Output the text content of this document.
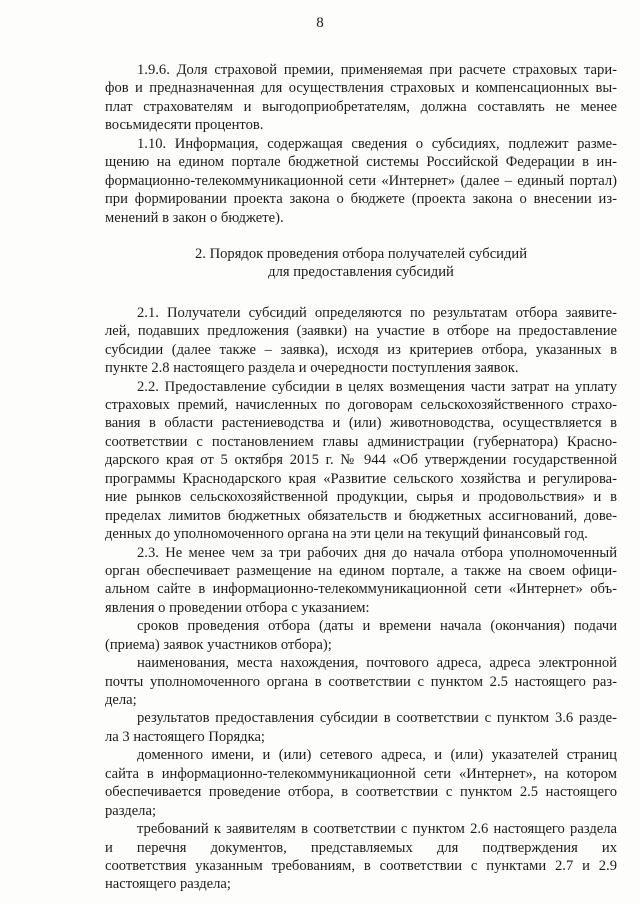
8
1.9.6. Доля страховой премии, применяемая при расчете страховых тари-
фов и предназначенная для осуществления страховых и компенсационных вы-
плат страхователям и выгодоприобретателям, должна составлять не менее
восьмидесяти процентов.
1.10. Информация, содержащая сведения о субсидиях, подлежит разме-
щению на едином портале бюджетной системы Российской Федерации в ин-
формационно-телекоммуникационной сети «Интернет» (далее – единый портал)
при формировании проекта закона о бюджете (проекта закона о внесении из-
менений в закон о бюджете).
2. Порядок проведения отбора получателей субсидий
для предоставления субсидий
2.1. Получатели субсидий определяются по результатам отбора заявите-
лей, подавших предложения (заявки) на участие в отборе на предоставление
субсидии (далее также – заявка), исходя из критериев отбора, указанных в
пункте 2.8 настоящего раздела и очередности поступления заявок.
2.2. Предоставление субсидии в целях возмещения части затрат на уплату
страховых премий, начисленных по договорам сельскохозяйственного страхо-
вания в области растениеводства и (или) животноводства, осуществляется в
соответствии с постановлением главы администрации (губернатора) Красно-
дарского края от 5 октября 2015 г. № 944 «Об утверждении государственной
программы Краснодарского края «Развитие сельского хозяйства и регулирова-
ние рынков сельскохозяйственной продукции, сырья и продовольствия» и в
пределах лимитов бюджетных обязательств и бюджетных ассигнований, дове-
денных до уполномоченного органа на эти цели на текущий финансовый год.
2.3. Не менее чем за три рабочих дня до начала отбора уполномоченный
орган обеспечивает размещение на едином портале, а также на своем офици-
альном сайте в информационно-телекоммуникационной сети «Интернет» объ-
явления о проведении отбора с указанием:
сроков проведения отбора (даты и времени начала (окончания) подачи
(приема) заявок участников отбора);
наименования, места нахождения, почтового адреса, адреса электронной
почты уполномоченного органа в соответствии с пунктом 2.5 настоящего раз-
дела;
результатов предоставления субсидии в соответствии с пунктом 3.6 разде-
ла 3 настоящего Порядка;
доменного имени, и (или) сетевого адреса, и (или) указателей страниц
сайта в информационно-телекоммуникационной сети «Интернет», на котором
обеспечивается проведение отбора, в соответствии с пунктом 2.5 настоящего
раздела;
требований к заявителям в соответствии с пунктом 2.6 настоящего раздела
и перечня документов, представляемых для подтверждения их
соответствия указанным требованиям, в соответствии с пунктами 2.7 и 2.9
настоящего раздела;
